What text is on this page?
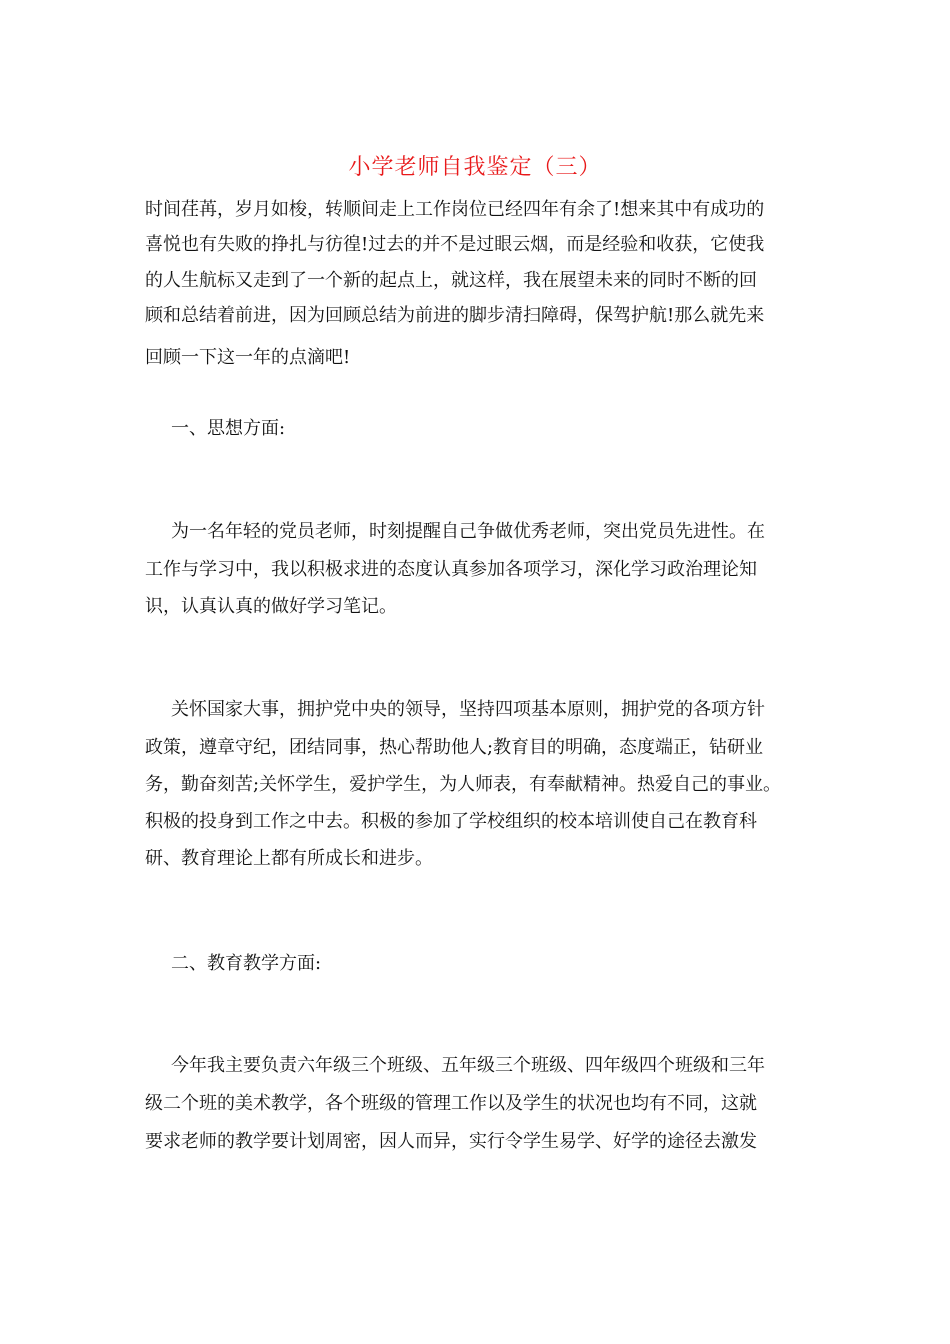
小学老师自我鉴定（三）

时间荏苒，岁月如梭，转顺间走上工作岗位已经四年有余了!想来其中有成功的

喜悦也有失败的挣扎与彷徨!过去的并不是过眼云烟，而是经验和收获，它使我

的人生航标又走到了一个新的起点上，就这样，我在展望未来的同时不断的回

顾和总结着前进，因为回顾总结为前进的脚步清扫障碍，保驾护航!那么就先来

回顾一下这一年的点滴吧!

一、思想方面:

为一名年轻的党员老师，时刻提醒自己争做优秀老师，突出党员先进性。在

工作与学习中，我以积极求进的态度认真参加各项学习，深化学习政治理论知

识，认真认真的做好学习笔记。

关怀国家大事，拥护党中央的领导，坚持四项基本原则，拥护党的各项方针

政策，遵章守纪，团结同事，热心帮助他人;教育目的明确，态度端正，钻研业

务，勤奋刻苦;关怀学生，爱护学生，为人师表，有奉献精神。热爱自己的事业。

积极的投身到工作之中去。积极的参加了学校组织的校本培训使自己在教育科

研、教育理论上都有所成长和进步。

二、教育教学方面:

今年我主要负责六年级三个班级、五年级三个班级、四年级四个班级和三年

级二个班的美术教学，各个班级的管理工作以及学生的状况也均有不同，这就

要求老师的教学要计划周密，因人而异，实行令学生易学、好学的途径去激发
